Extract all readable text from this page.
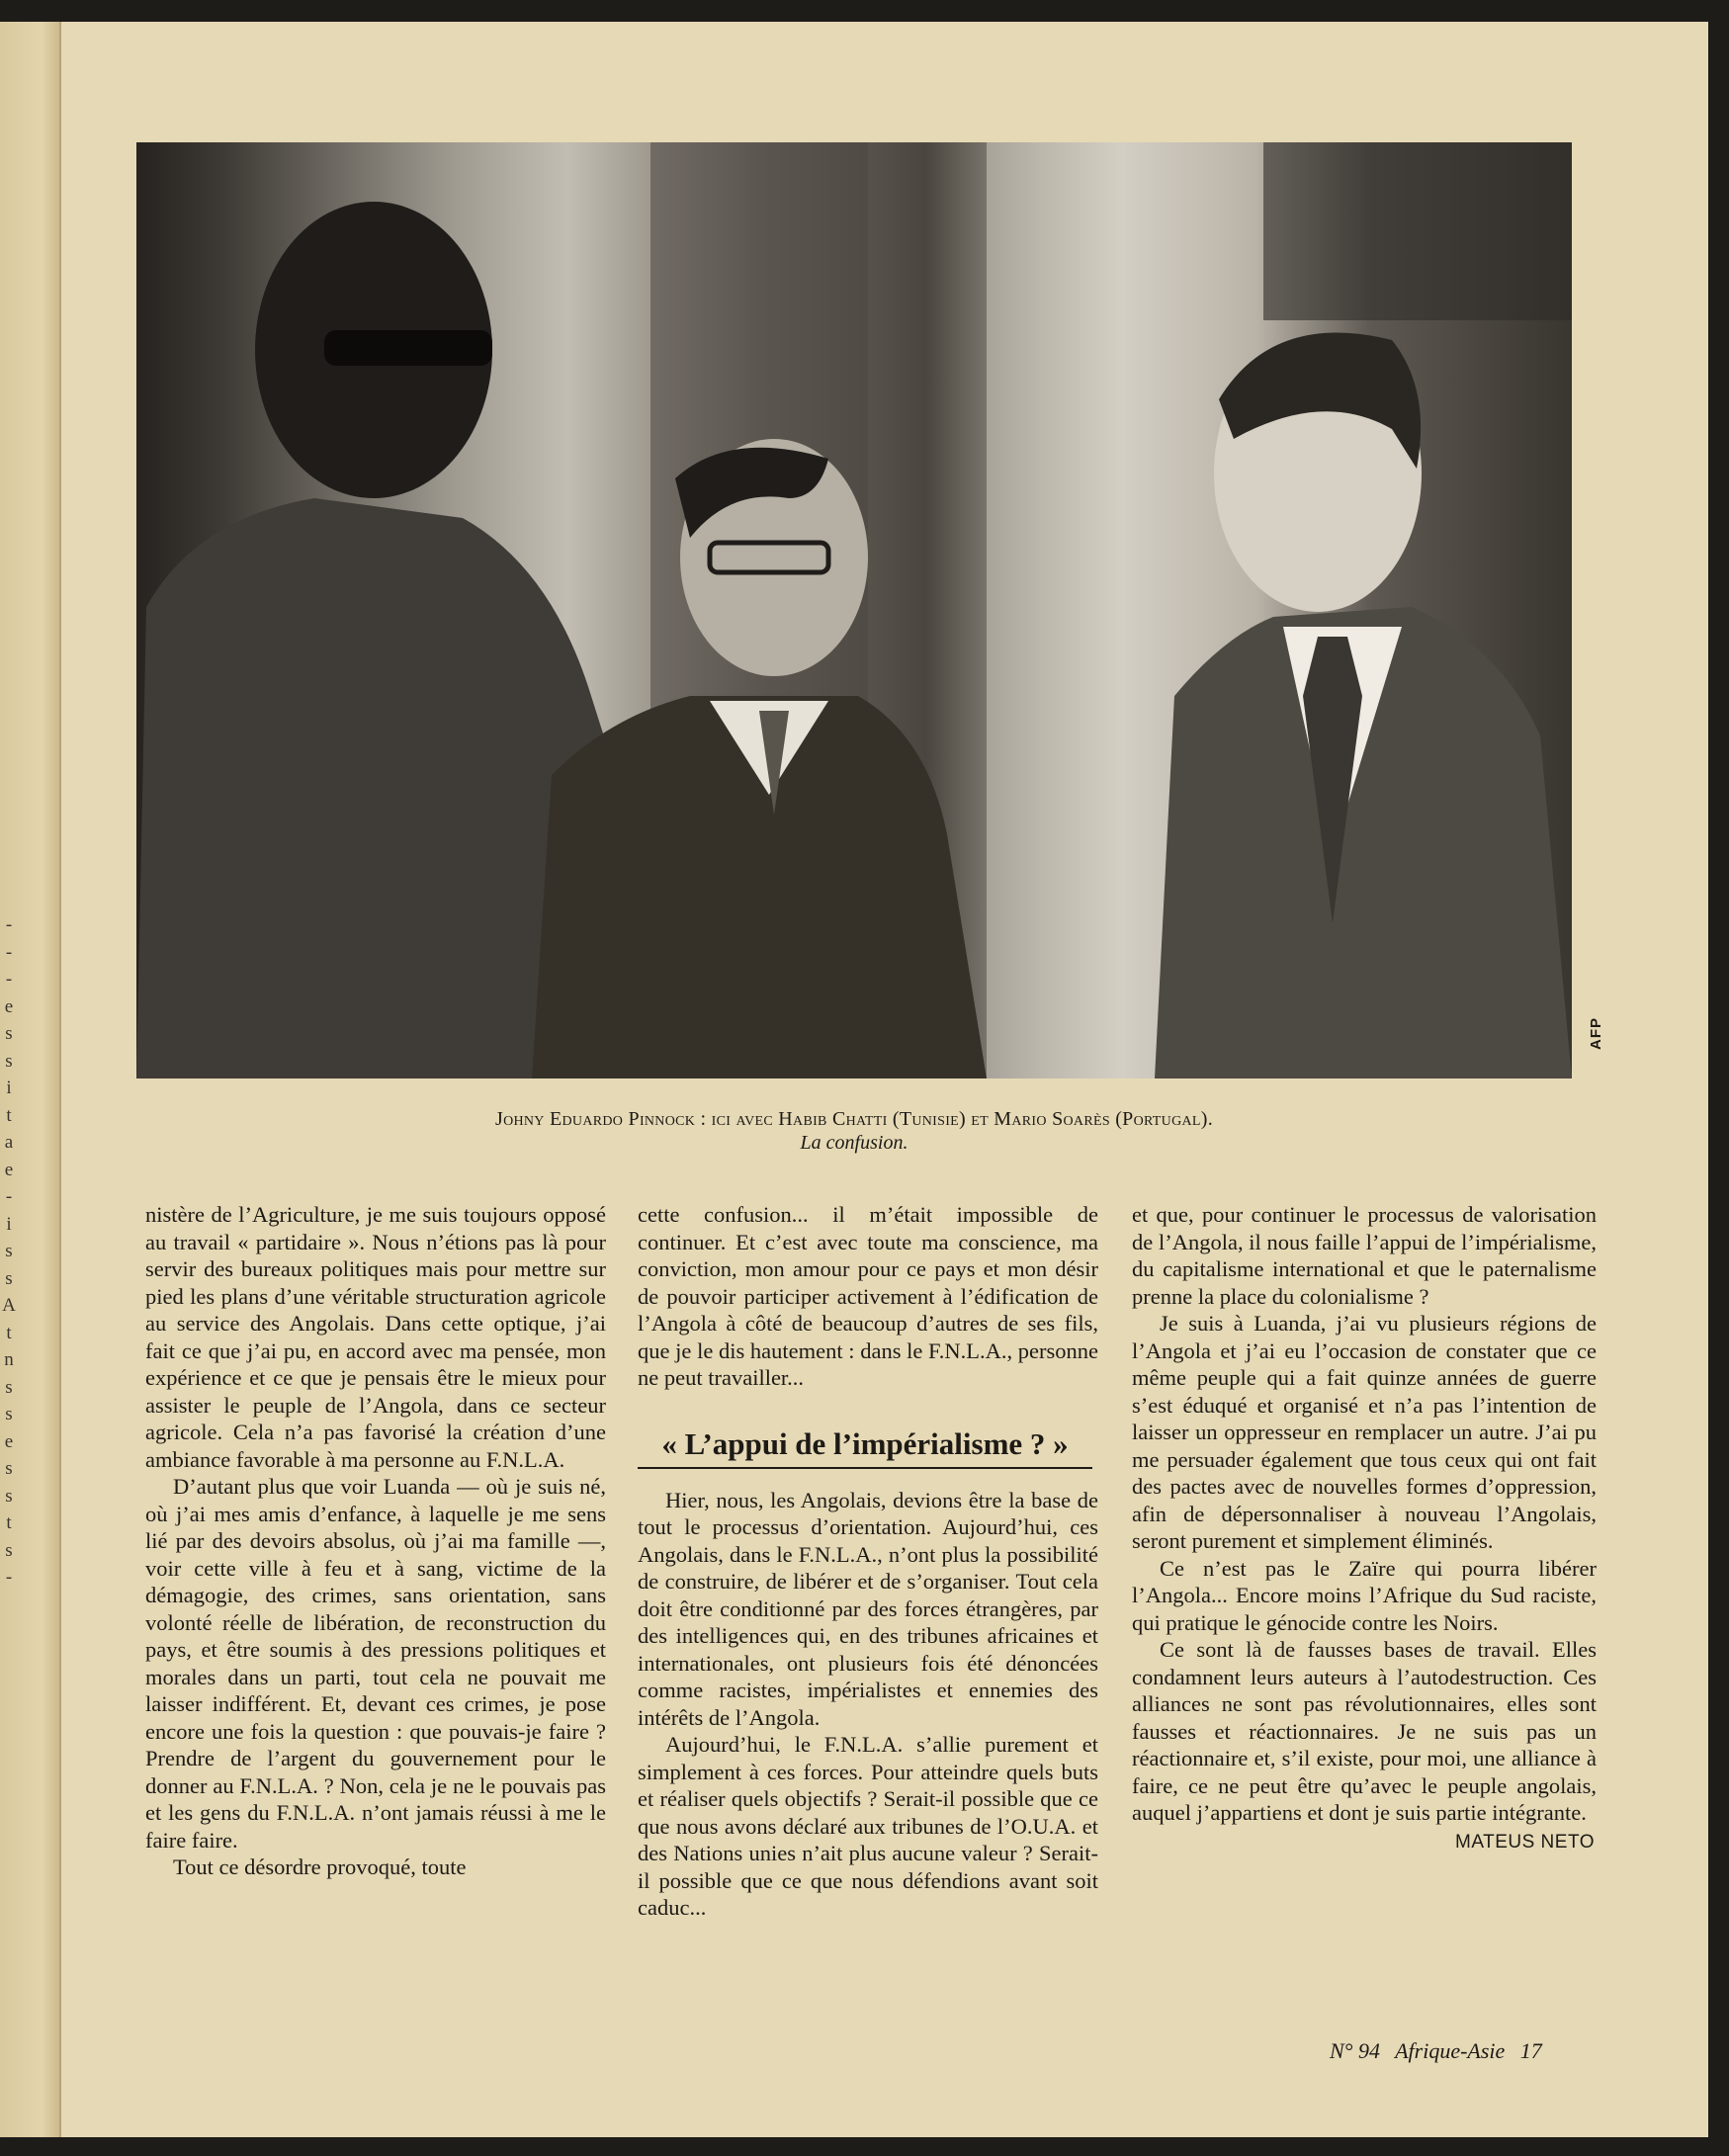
-
-
-
e
s
s
i
t
a
e
-
i
s
s
A
t
n
s
s
e
s
s
t
s
-
AFP
Johny Eduardo Pinnock : ici avec Habib Chatti (Tunisie) et Mario Soarès (Portugal).
La confusion.

nistère de l’Agriculture, je me suis toujours opposé au travail « partidaire ». Nous n’étions pas là pour servir des bureaux politiques mais pour mettre sur pied les plans d’une véritable structuration agricole au service des Angolais. Dans cette optique, j’ai fait ce que j’ai pu, en accord avec ma pensée, mon expérience et ce que je pensais être le mieux pour assister le peuple de l’Angola, dans ce secteur agricole. Cela n’a pas favorisé la création d’une ambiance favorable à ma personne au F.N.L.A.

D’autant plus que voir Luanda — où je suis né, où j’ai mes amis d’enfance, à laquelle je me sens lié par des devoirs absolus, où j’ai ma famille —, voir cette ville à feu et à sang, victime de la démagogie, des crimes, sans orientation, sans volonté réelle de libération, de reconstruction du pays, et être soumis à des pressions politiques et morales dans un parti, tout cela ne pouvait me laisser indifférent. Et, devant ces crimes, je pose encore une fois la question : que pouvais-je faire ? Prendre de l’argent du gouvernement pour le donner au F.N.L.A. ? Non, cela je ne le pouvais pas et les gens du F.N.L.A. n’ont jamais réussi à me le faire faire.

Tout ce désordre provoqué, toute

cette confusion... il m’était impossible de continuer. Et c’est avec toute ma conscience, ma conviction, mon amour pour ce pays et mon désir de pouvoir participer activement à l’édification de l’Angola à côté de beaucoup d’autres de ses fils, que je le dis hautement : dans le F.N.L.A., personne ne peut travailler...

« L’appui de l’impérialisme ? »

Hier, nous, les Angolais, devions être la base de tout le processus d’orientation. Aujourd’hui, ces Angolais, dans le F.N.L.A., n’ont plus la possibilité de construire, de libérer et de s’organiser. Tout cela doit être conditionné par des forces étrangères, par des intelligences qui, en des tribunes africaines et internationales, ont plusieurs fois été dénoncées comme racistes, impérialistes et ennemies des intérêts de l’Angola.

Aujourd’hui, le F.N.L.A. s’allie purement et simplement à ces forces. Pour atteindre quels buts et réaliser quels objectifs ? Serait-il possible que ce que nous avons déclaré aux tribunes de l’O.U.A. et des Nations unies n’ait plus aucune valeur ? Serait-il possible que ce que nous défendions avant soit caduc...

et que, pour continuer le processus de valorisation de l’Angola, il nous faille l’appui de l’impérialisme, du capitalisme international et que le paternalisme prenne la place du colonialisme ?

Je suis à Luanda, j’ai vu plusieurs régions de l’Angola et j’ai eu l’occasion de constater que ce même peuple qui a fait quinze années de guerre s’est éduqué et organisé et n’a pas l’intention de laisser un oppresseur en remplacer un autre. J’ai pu me persuader également que tous ceux qui ont fait des pactes avec de nouvelles formes d’oppression, afin de dépersonnaliser à nouveau l’Angolais, seront purement et simplement éliminés.

Ce n’est pas le Zaïre qui pourra libérer l’Angola... Encore moins l’Afrique du Sud raciste, qui pratique le génocide contre les Noirs.

Ce sont là de fausses bases de travail. Elles condamnent leurs auteurs à l’autodestruction. Ces alliances ne sont pas révolutionnaires, elles sont fausses et réactionnaires. Je ne suis pas un réactionnaire et, s’il existe, pour moi, une alliance à faire, ce ne peut être qu’avec le peuple angolais, auquel j’appartiens et dont je suis partie intégrante.

MATEUS NETO
N° 94 Afrique-Asie 17
